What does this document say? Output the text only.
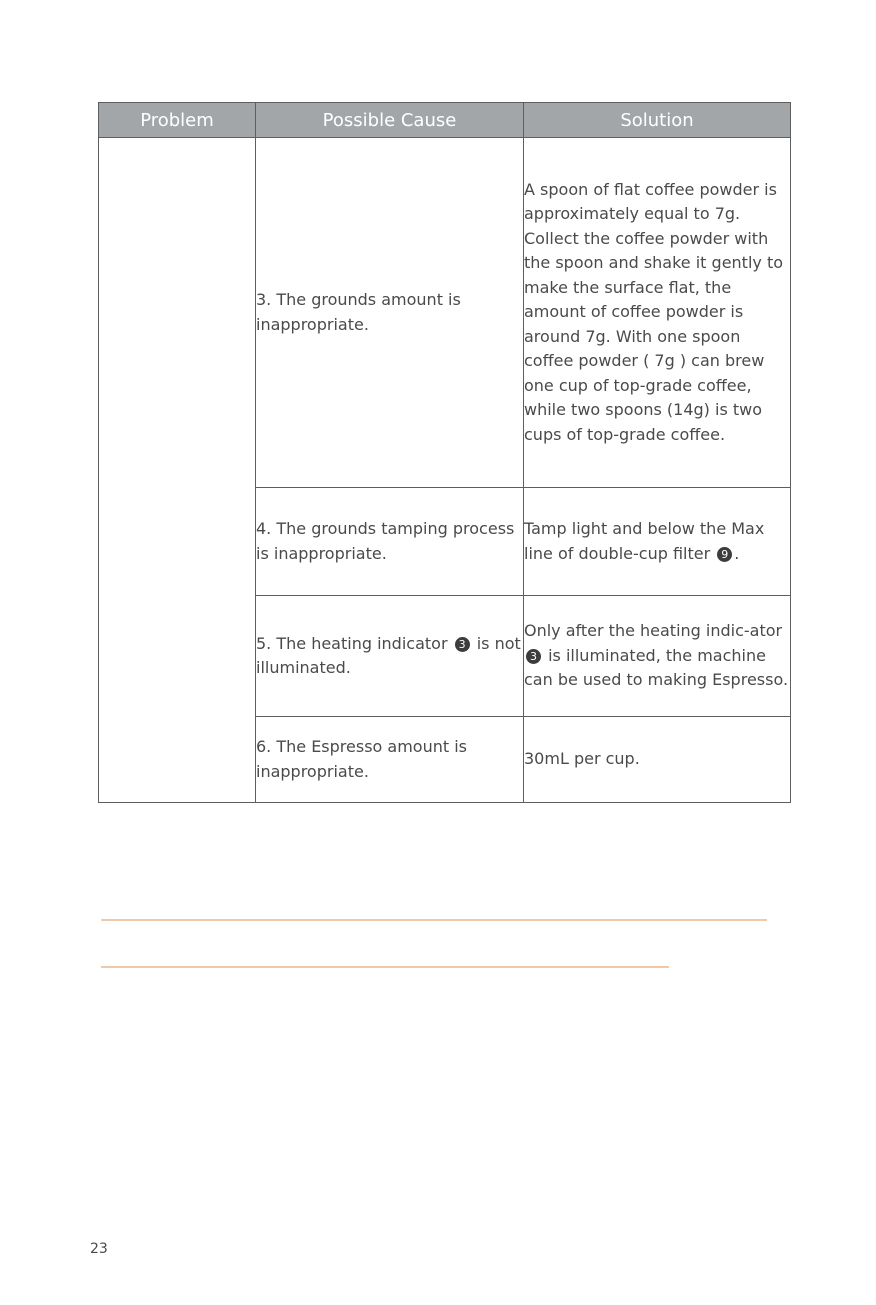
Problem	Possible Cause	Solution
	3. The grounds amount is inappropriate.	A spoon of flat coffee powder is approximately equal to 7g. Collect the coffee powder with the spoon and shake it gently to make the surface flat, the amount of coffee powder is around 7g. With one spoon coffee powder ( 7g ) can brew one cup of top-grade coffee, while two spoons (14g) is two cups of top-grade coffee.
	4. The grounds tamping process is inappropriate.	Tamp light and below the Max line of double-cup filter 9 .
	5. The heating indicator 3 is not illuminated.	Only after the heating indic-ator 3 is illuminated, the machine can be used to making Espresso.
	6. The Espresso amount is inappropriate.	30mL per cup.
23
